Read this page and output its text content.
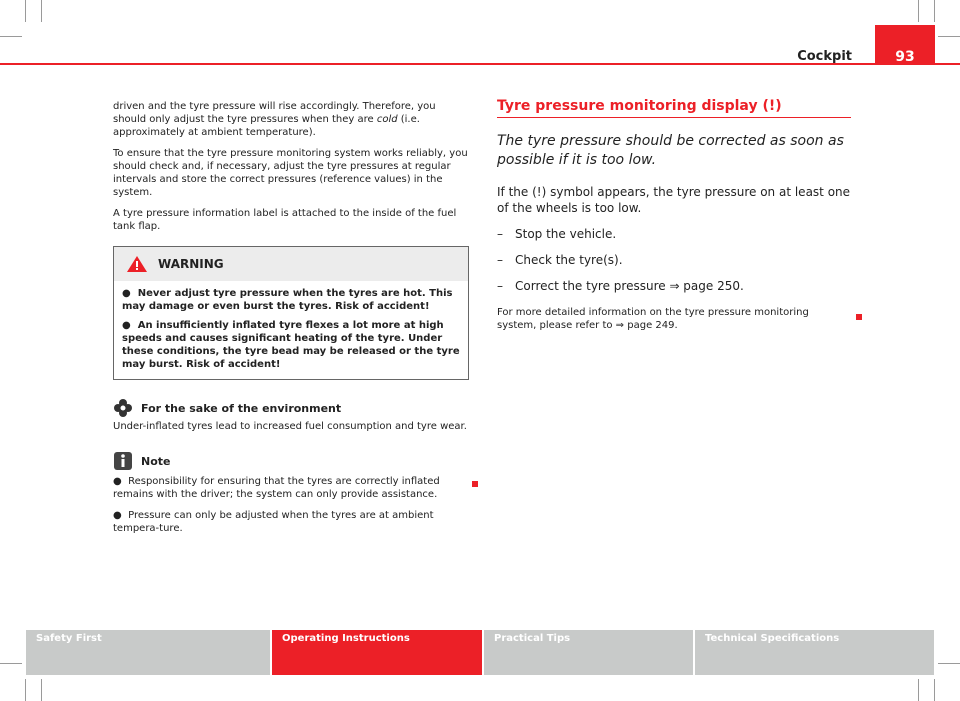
Cockpit	93

driven and the tyre pressure will rise accordingly. Therefore, you should only adjust the tyre pressures when they are cold (i.e. approximately at ambient temperature).

To ensure that the tyre pressure monitoring system works reliably, you should check and, if necessary, adjust the tyre pressures at regular intervals and store the correct pressures (reference values) in the system.

A tyre pressure information label is attached to the inside of the fuel tank flap.

WARNING

● Never adjust tyre pressure when the tyres are hot. This may damage or even burst the tyres. Risk of accident!

● An insufficiently inflated tyre flexes a lot more at high speeds and causes significant heating of the tyre. Under these conditions, the tyre bead may be released or the tyre may burst. Risk of accident!

For the sake of the environment

Under-inflated tyres lead to increased fuel consumption and tyre wear.

Note

● Responsibility for ensuring that the tyres are correctly inflated remains with the driver; the system can only provide assistance.

● Pressure can only be adjusted when the tyres are at ambient tempera-ture.

Tyre pressure monitoring display (!)
The tyre pressure should be corrected as soon as possible if it is too low.
If the (!) symbol appears, the tyre pressure on at least one of the wheels is too low.
– Stop the vehicle.
– Check the tyre(s).
– Correct the tyre pressure ⇒ page 250.

For more detailed information on the tyre pressure monitoring system, please refer to ⇒ page 249.

Safety First	Operating Instructions	Practical Tips	Technical Specifications
